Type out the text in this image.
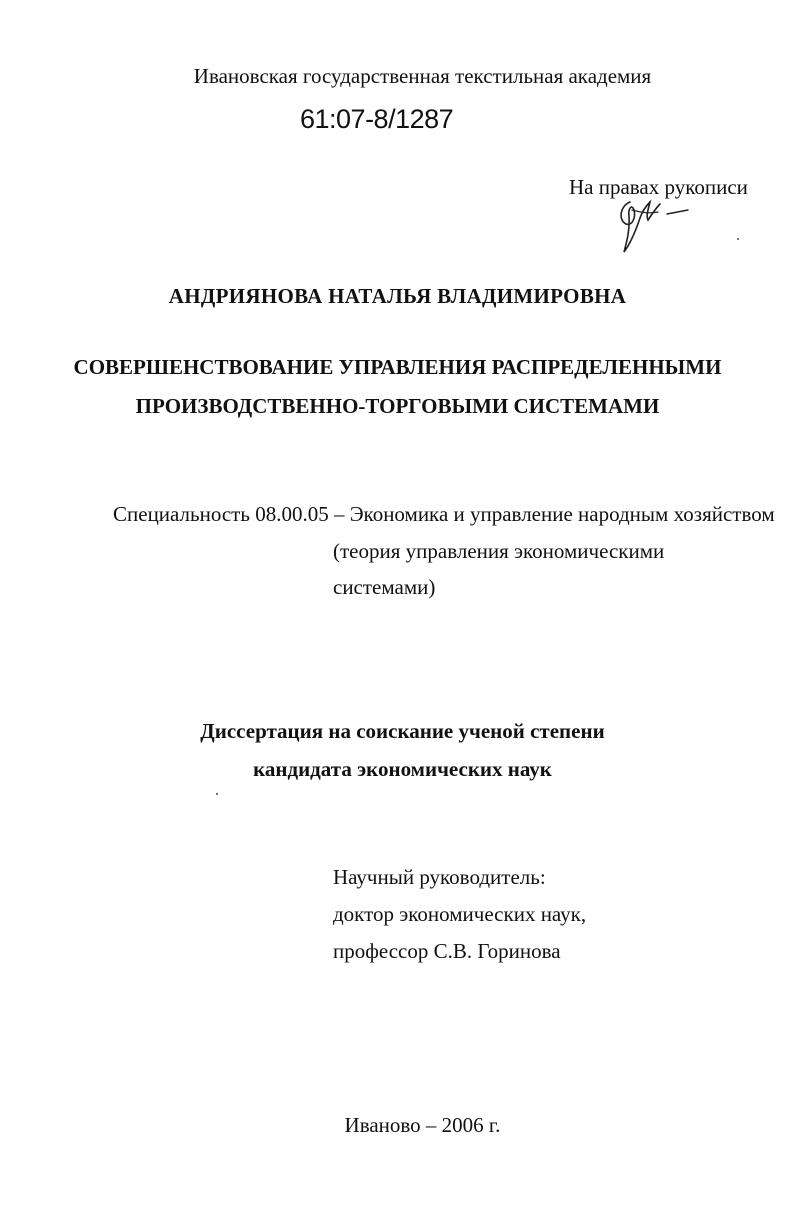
Ивановская государственная текстильная академия
61:07-8/1287
На правах рукописи
АНДРИЯНОВА НАТАЛЬЯ ВЛАДИМИРОВНА
СОВЕРШЕНСТВОВАНИЕ УПРАВЛЕНИЯ РАСПРЕДЕЛЕННЫМИ
ПРОИЗВОДСТВЕННО-ТОРГОВЫМИ СИСТЕМАМИ
Специальность 08.00.05 – Экономика и управление народным хозяйством
(теория управления экономическими
системами)
Диссертация на соискание ученой степени
кандидата экономических наук
Научный руководитель:
доктор экономических наук,
профессор С.В. Горинова
Иваново – 2006 г.
